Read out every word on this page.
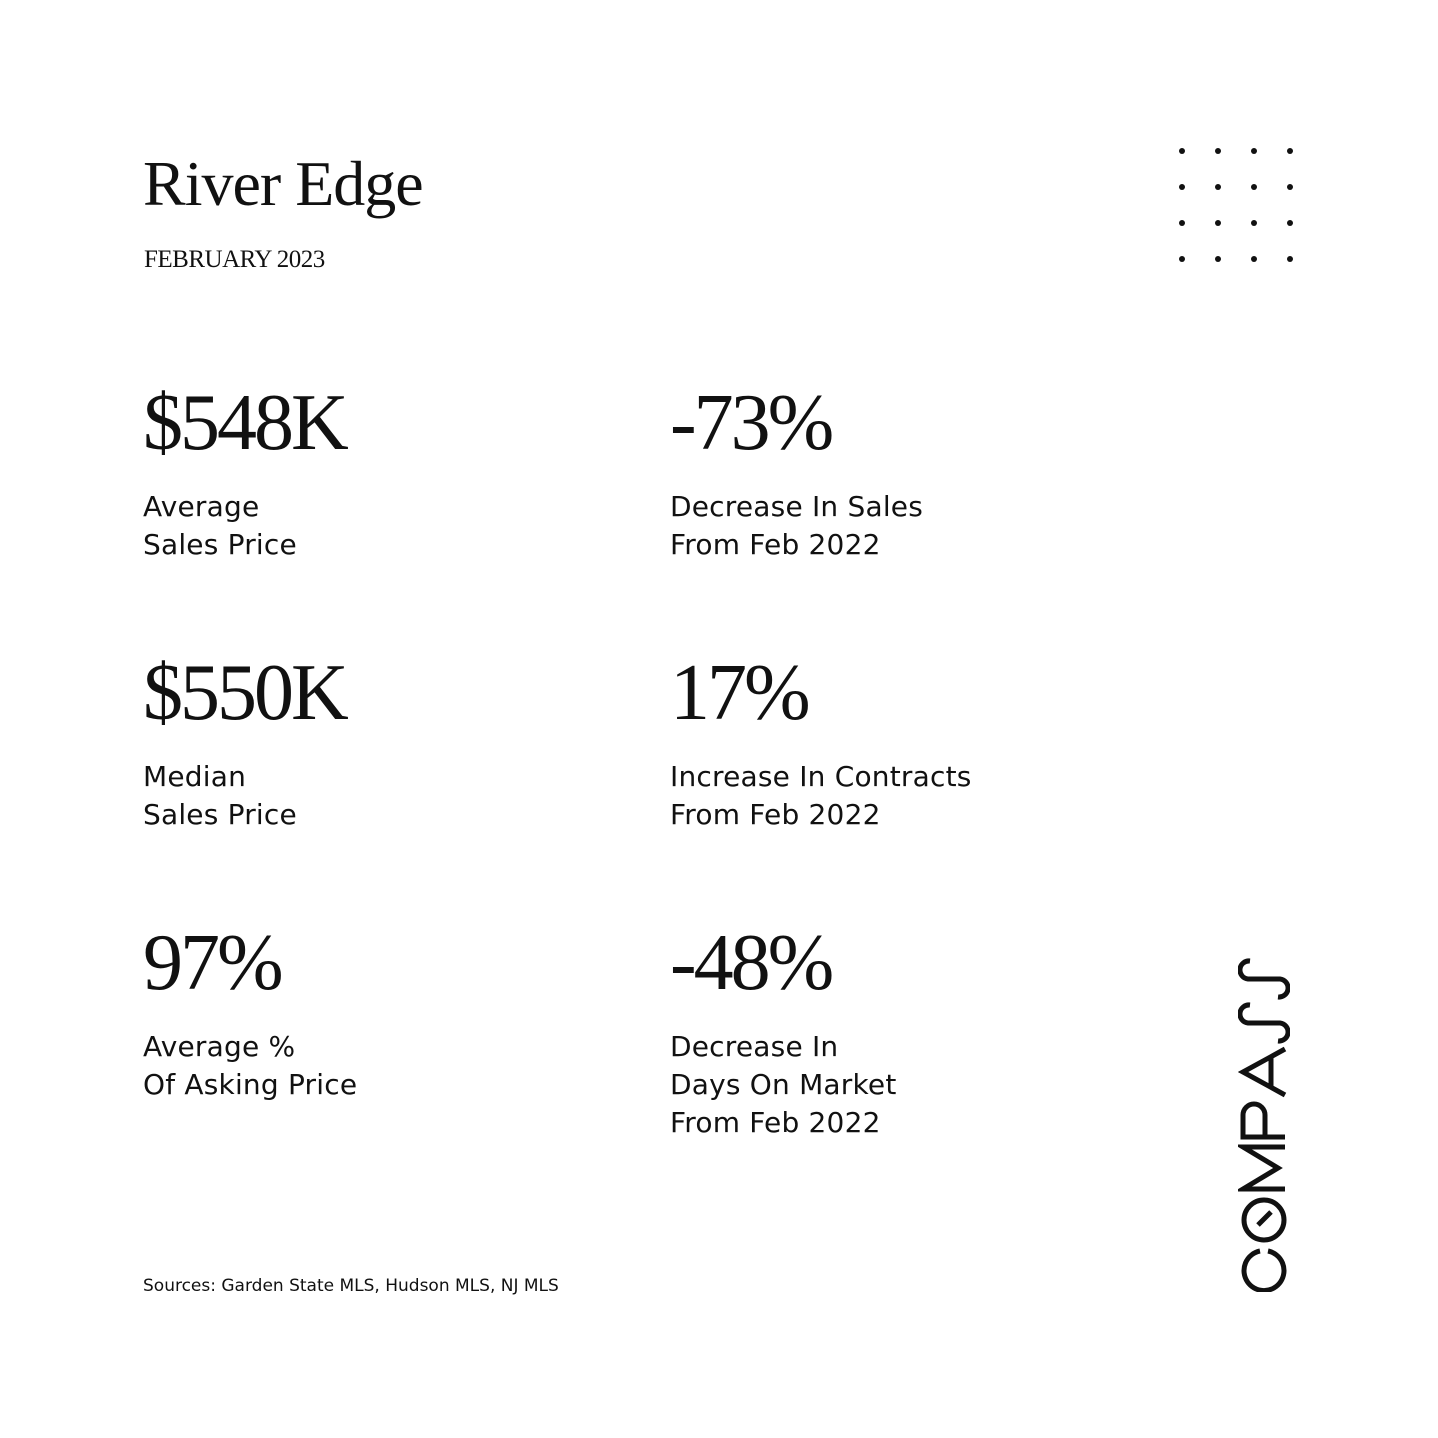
River Edge
FEBRUARY 2023
$548K
Average
Sales Price
-73%
Decrease In Sales
From Feb 2022
$550K
Median
Sales Price
17%
Increase In Contracts
From Feb 2022
97%
Average %
Of Asking Price
-48%
Decrease In
Days On Market
From Feb 2022
Sources: Garden State MLS, Hudson MLS, NJ MLS
